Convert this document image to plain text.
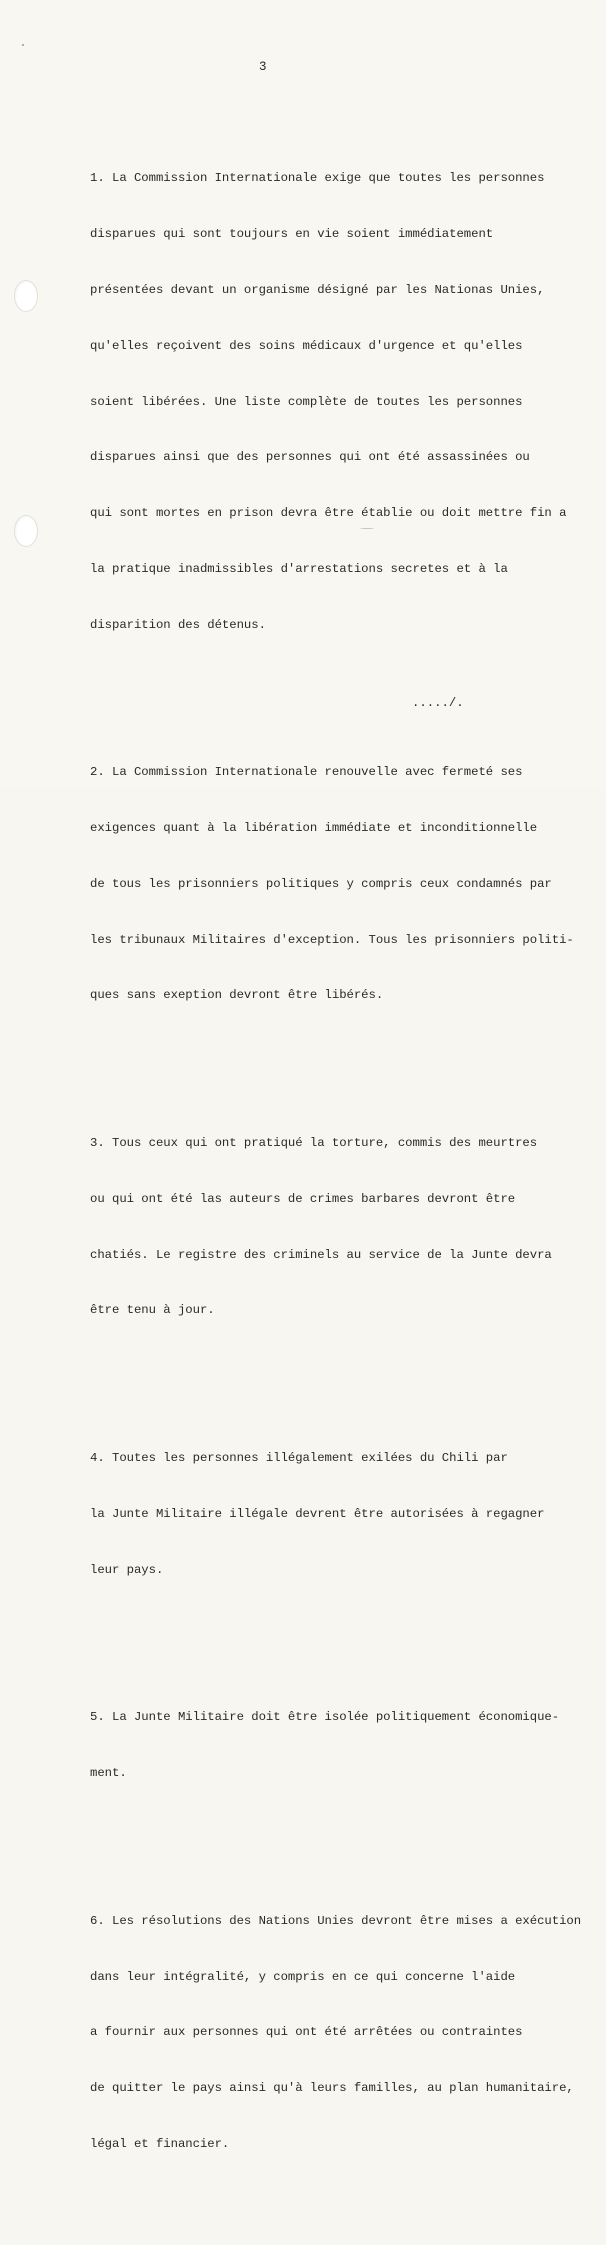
3

1. La Commission Internationale exige que toutes les personnes

disparues qui sont toujours en vie soient immédiatement

présentées devant un organisme désigné par les Nationas Unies,

qu'elles reçoivent des soins médicaux d'urgence et qu'elles

soient libérées. Une liste complète de toutes les personnes

disparues ainsi que des personnes qui ont été assassinées ou

qui sont mortes en prison devra être établie ou doit mettre fin a

la pratique inadmissibles d'arrestations secretes et à la

disparition des détenus.

2. La Commission Internationale renouvelle avec fermeté ses

exigences quant à la libération immédiate et inconditionnelle

de tous les prisonniers politiques y compris ceux condamnés par

les tribunaux Militaires d'exception. Tous les prisonniers politi-

ques sans exeption devront être libérés.

3. Tous ceux qui ont pratiqué la torture, commis des meurtres

ou qui ont été las auteurs de crimes barbares devront être

chatiés. Le registre des criminels au service de la Junte devra

être tenu à jour.

4. Toutes les personnes illégalement exilées du Chili par

la Junte Militaire illégale devrent être autorisées à regagner

leur pays.

5. La Junte Militaire doit être isolée politiquement économique-

ment.

6. Les résolutions des Nations Unies devront être mises a exécution

dans leur intégralité, y compris en ce qui concerne l'aide

a fournir aux personnes qui ont été arrêtées ou contraintes

de quitter le pays ainsi qu'à leurs familles, au plan humanitaire,

légal et financier.

...../.
